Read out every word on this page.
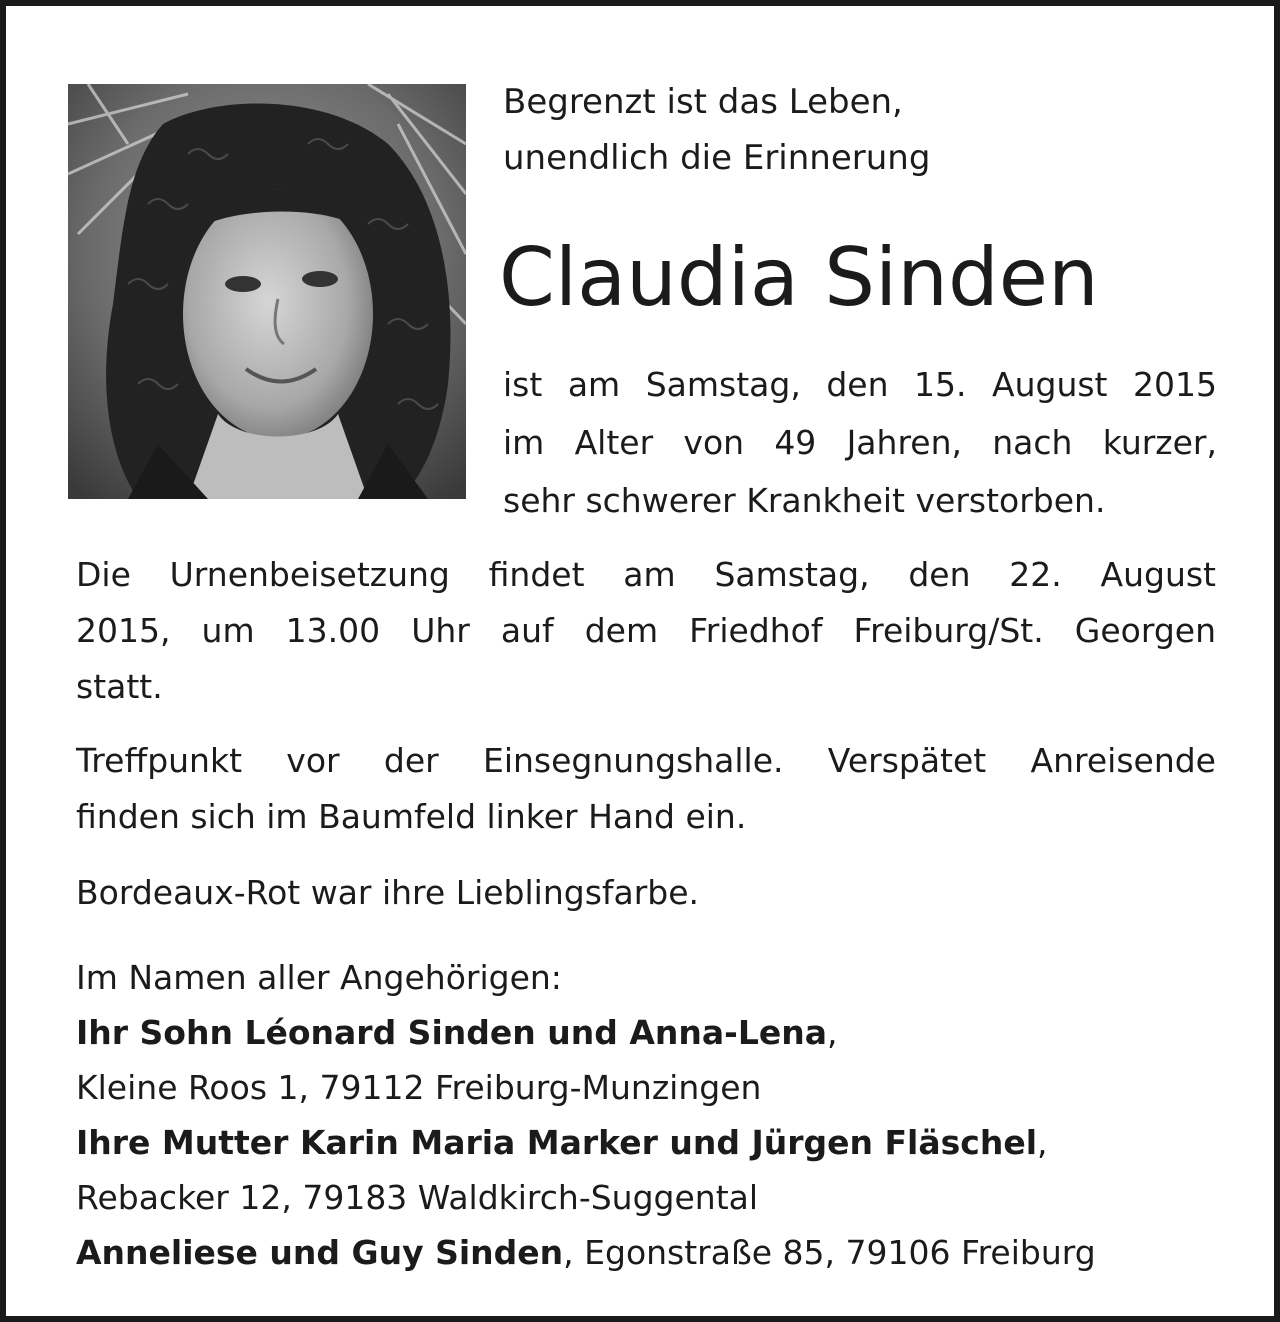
Begrenzt ist das Leben,
unendlich die Erinnerung
Claudia Sinden
ist am Samstag, den 15. August 2015
im Alter von 49 Jahren, nach kurzer,
sehr schwerer Krankheit verstorben.
Die Urnenbeisetzung findet am Samstag, den 22. August
2015, um 13.00 Uhr auf dem Friedhof Freiburg/St. Georgen
statt.
Treffpunkt vor der Einsegnungshalle. Verspätet Anreisende
finden sich im Baumfeld linker Hand ein.
Bordeaux-Rot war ihre Lieblingsfarbe.
Im Namen aller Angehörigen:
Ihr Sohn Léonard Sinden und Anna-Lena,
Kleine Roos 1, 79112 Freiburg-Munzingen
Ihre Mutter Karin Maria Marker und Jürgen Fläschel,
Rebacker 12, 79183 Waldkirch-Suggental
Anneliese und Guy Sinden, Egonstraße 85, 79106 Freiburg
